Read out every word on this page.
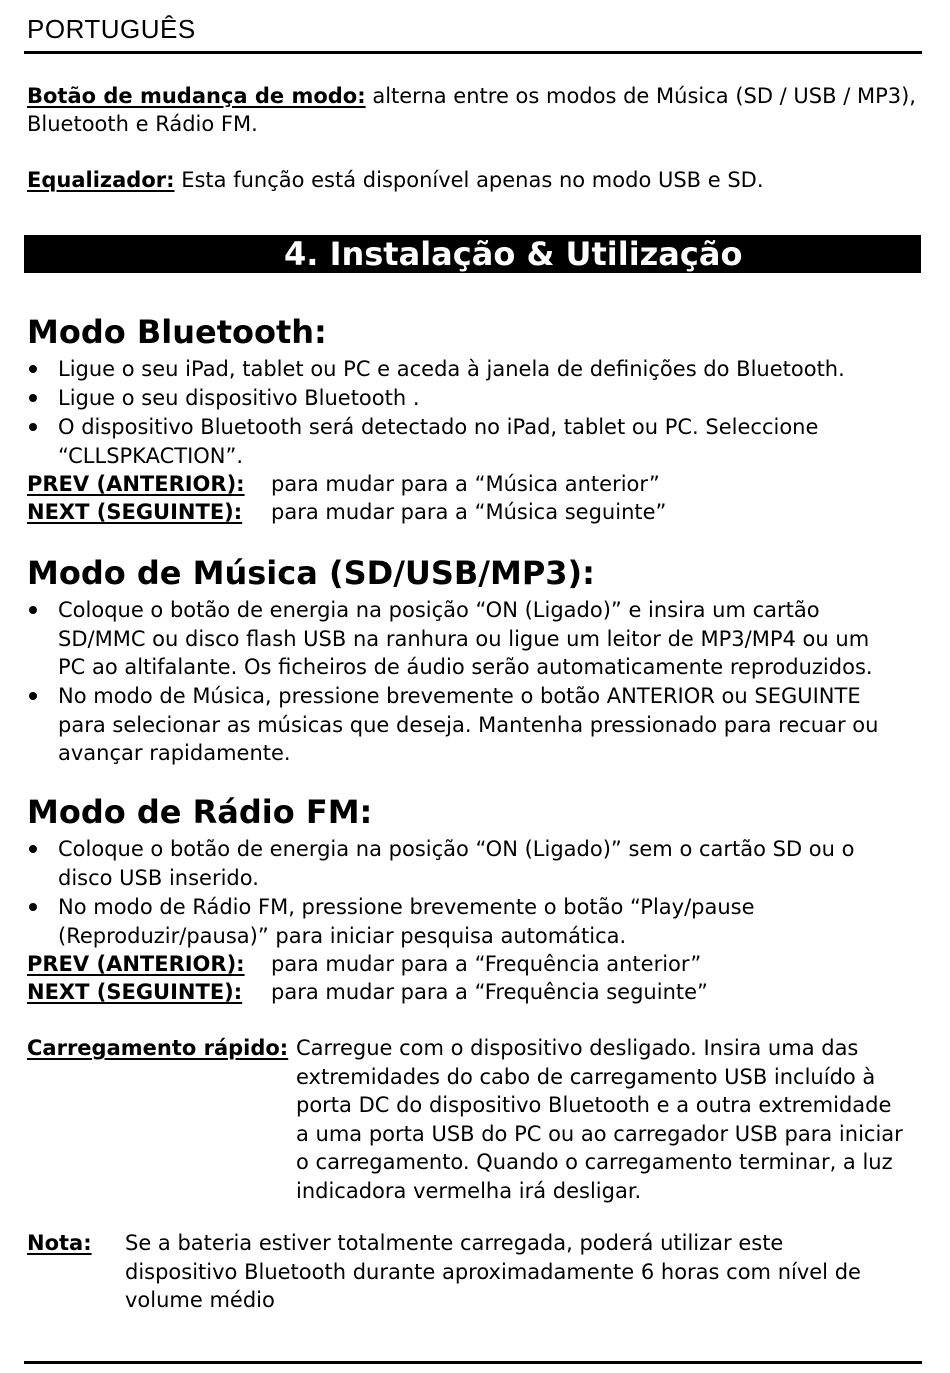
PORTUGUÊS
Botão de mudança de modo: alterna entre os modos de Música (SD / USB / MP3),
Bluetooth e Rádio FM.
Equalizador: Esta função está disponível apenas no modo USB e SD.
4. Instalação & Utilização
Modo Bluetooth:
Ligue o seu iPad, tablet ou PC e aceda à janela de definições do Bluetooth.
Ligue o seu dispositivo Bluetooth .
O dispositivo Bluetooth será detectado no iPad, tablet ou PC. Seleccione
“CLLSPKACTION”.
PREV (ANTERIOR): para mudar para a “Música anterior”
NEXT (SEGUINTE): para mudar para a “Música seguinte”
Modo de Música (SD/USB/MP3):
Coloque o botão de energia na posição “ON (Ligado)” e insira um cartão
SD/MMC ou disco flash USB na ranhura ou ligue um leitor de MP3/MP4 ou um
PC ao altifalante. Os ficheiros de áudio serão automaticamente reproduzidos.
No modo de Música, pressione brevemente o botão ANTERIOR ou SEGUINTE
para selecionar as músicas que deseja. Mantenha pressionado para recuar ou
avançar rapidamente.
Modo de Rádio FM:
Coloque o botão de energia na posição “ON (Ligado)” sem o cartão SD ou o
disco USB inserido.
No modo de Rádio FM, pressione brevemente o botão “Play/pause
(Reproduzir/pausa)” para iniciar pesquisa automática.
PREV (ANTERIOR): para mudar para a “Frequência anterior”
NEXT (SEGUINTE): para mudar para a “Frequência seguinte”
Carregamento rápido: Carregue com o dispositivo desligado. Insira uma das
extremidades do cabo de carregamento USB incluído à
porta DC do dispositivo Bluetooth e a outra extremidade
a uma porta USB do PC ou ao carregador USB para iniciar
o carregamento. Quando o carregamento terminar, a luz
indicadora vermelha irá desligar.
Nota: Se a bateria estiver totalmente carregada, poderá utilizar este
dispositivo Bluetooth durante aproximadamente 6 horas com nível de
volume médio
